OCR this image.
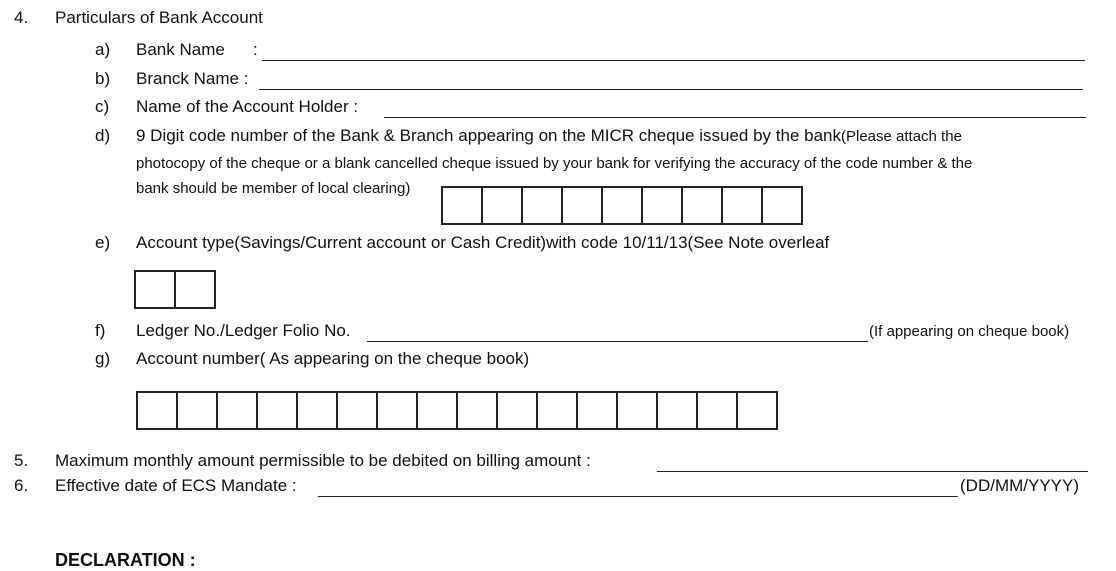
4. Particulars of Bank Account
a) Bank Name :
b) Branck Name :
c) Name of the Account Holder :
d) 9 Digit code number of the Bank & Branch appearing on the MICR cheque issued by the bank(Please attach the
photocopy of the cheque or a blank cancelled cheque issued by your bank for verifying the accuracy of the code number & the
bank should be member of local clearing)
e) Account type(Savings/Current account or Cash Credit)with code 10/11/13(See Note overleaf
f) Ledger No./Ledger Folio No.	(If appearing on cheque book)
g) Account number( As appearing on the cheque book)
5. Maximum monthly amount permissible to be debited on billing amount :
6. Effective date of ECS Mandate :	(DD/MM/YYYY)
DECLARATION :
